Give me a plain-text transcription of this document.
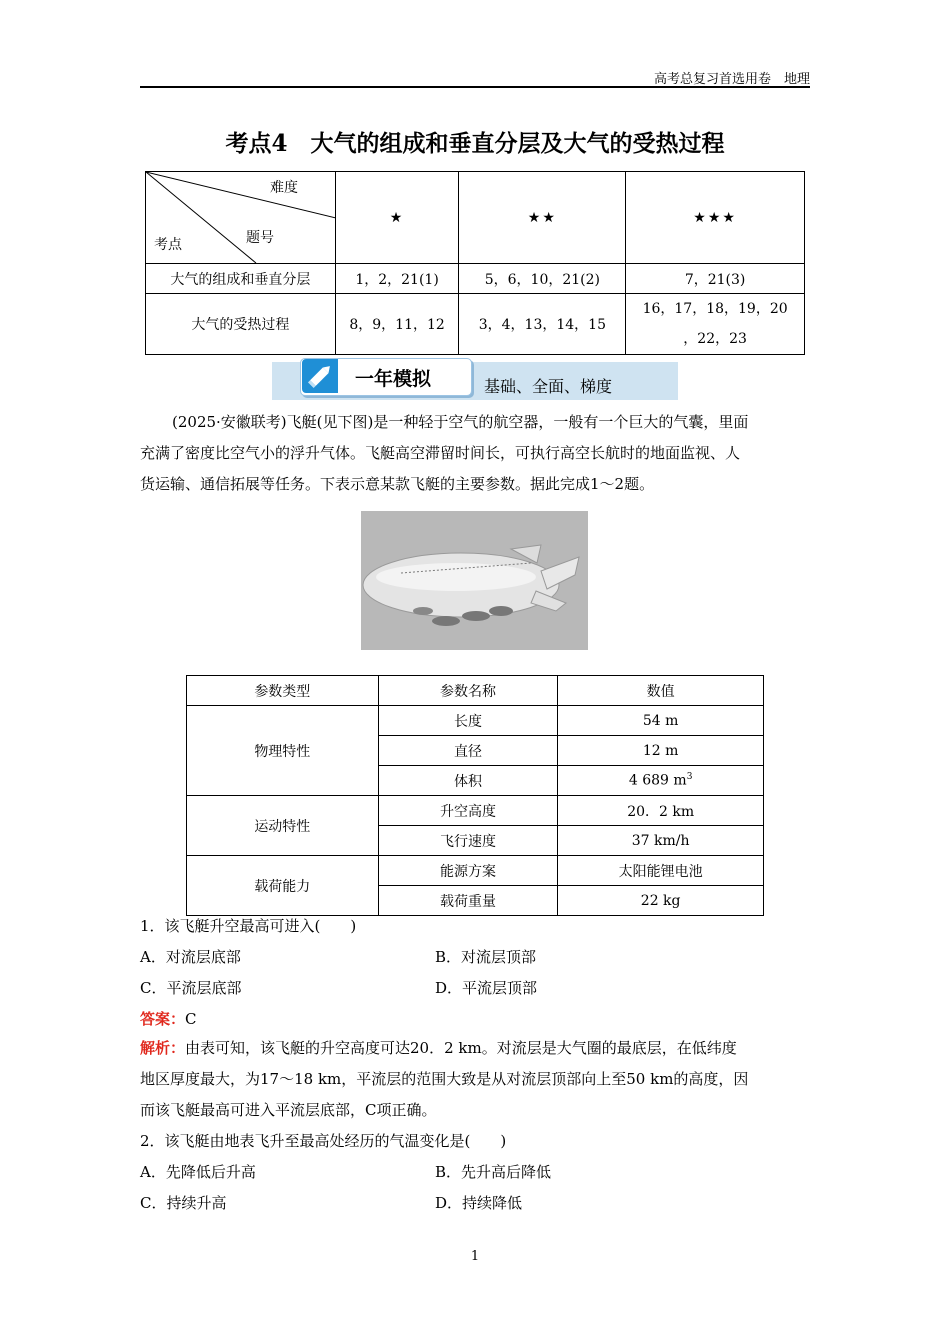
高考总复习首选用卷　地理
考点4　大气的组成和垂直分层及大气的受热过程
难度
题号
考点	★	★★	★★★
大气的组成和垂直分层	1，2，21(1)	5，6，10，21(2)	7，21(3)
大气的受热过程	8，9，11，12	3，4，13，14，15	16，17，18，19，20
，22，23
一年模拟	基础、全面、梯度
(2025·安徽联考)飞艇(见下图)是一种轻于空气的航空器，一般有一个巨大的气囊，里面
充满了密度比空气小的浮升气体。飞艇高空滞留时间长，可执行高空长航时的地面监视、人
货运输、通信拓展等任务。下表示意某款飞艇的主要参数。据此完成1～2题。
参数类型	参数名称	数值
物理特性	长度	54 m
	直径	12 m
	体积	4 689 $m^3$
运动特性	升空高度	20．2 km
	飞行速度	37 km/h
载荷能力	能源方案	太阳能锂电池
	载荷重量	22 kg
1．该飞艇升空最高可进入(　　)
A．对流层底部	B．对流层顶部
C．平流层底部	D．平流层顶部
答案：C
解析：由表可知，该飞艇的升空高度可达20．2 km。对流层是大气圈的最底层，在低纬度
地区厚度最大，为17～18 km，平流层的范围大致是从对流层顶部向上至50 km的高度，因
而该飞艇最高可进入平流层底部，C项正确。
2．该飞艇由地表飞升至最高处经历的气温变化是(　　)
A．先降低后升高	B．先升高后降低
C．持续升高	D．持续降低
1
